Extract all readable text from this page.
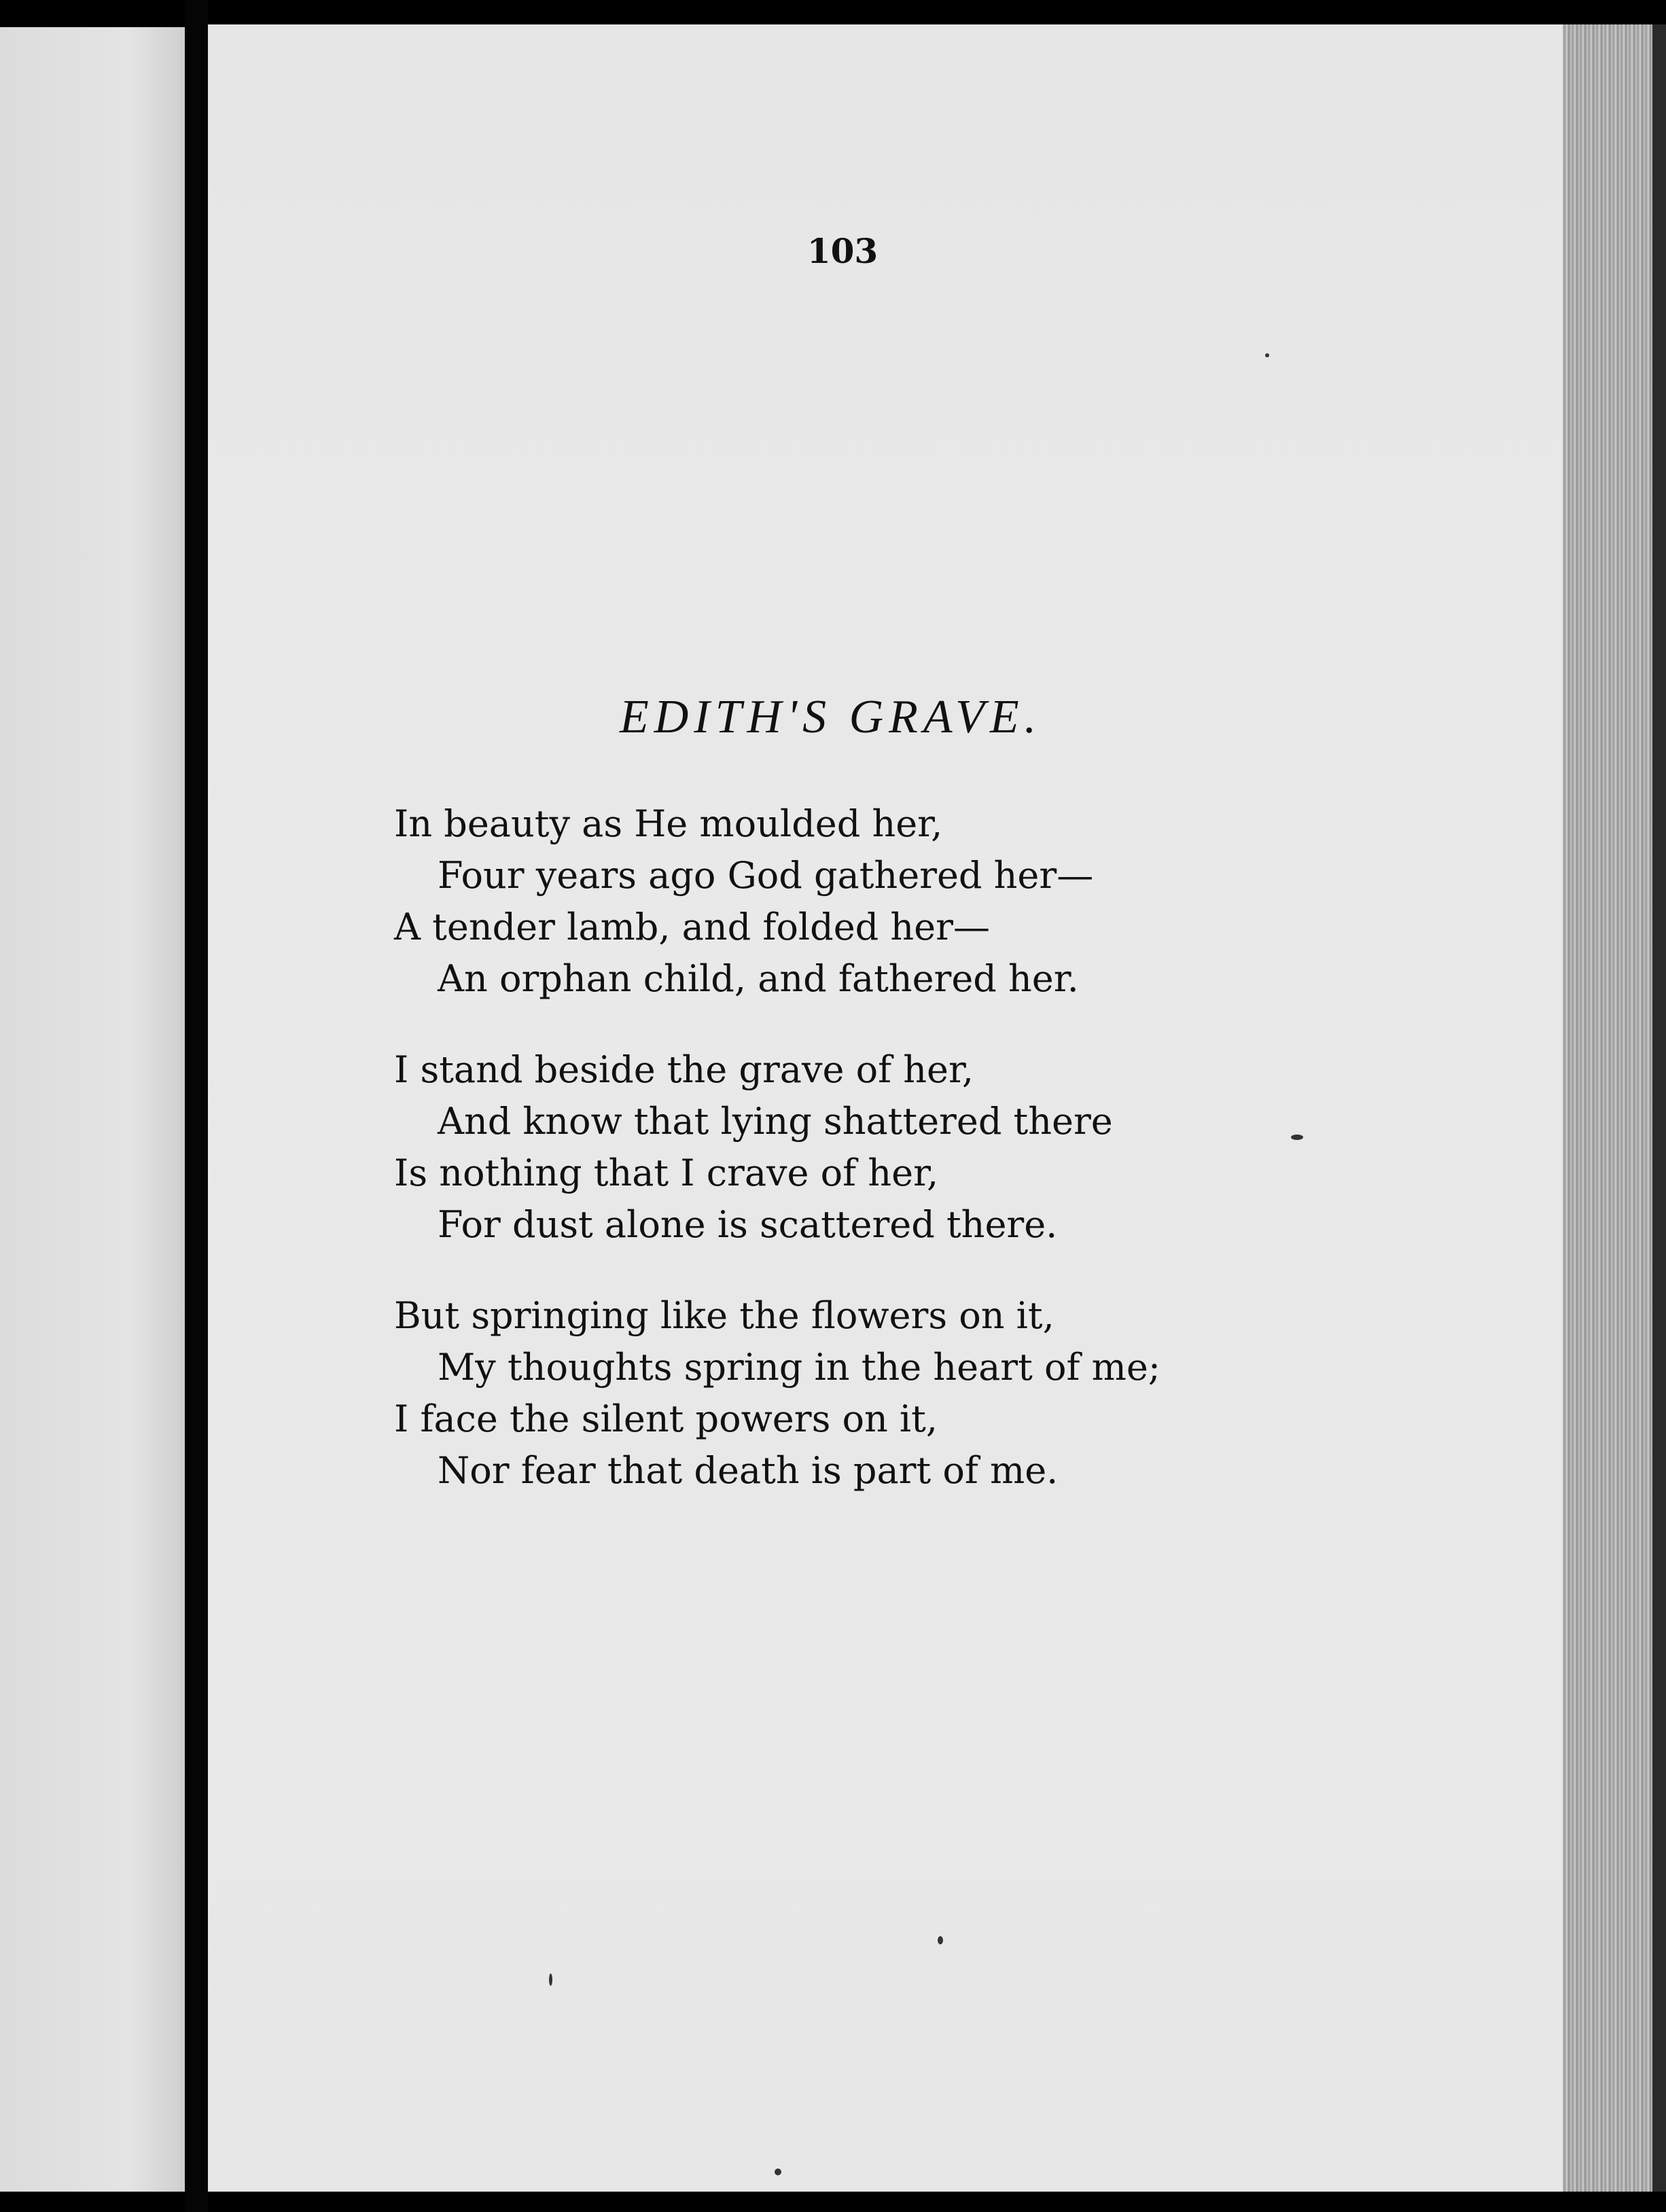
103
EDITH'S GRAVE.
In beauty as He moulded her,
Four years ago God gathered her—
A tender lamb, and folded her—
An orphan child, and fathered her.
I stand beside the grave of her,
And know that lying shattered there
Is nothing that I crave of her,
For dust alone is scattered there.
But springing like the flowers on it,
My thoughts spring in the heart of me;
I face the silent powers on it,
Nor fear that death is part of me.
